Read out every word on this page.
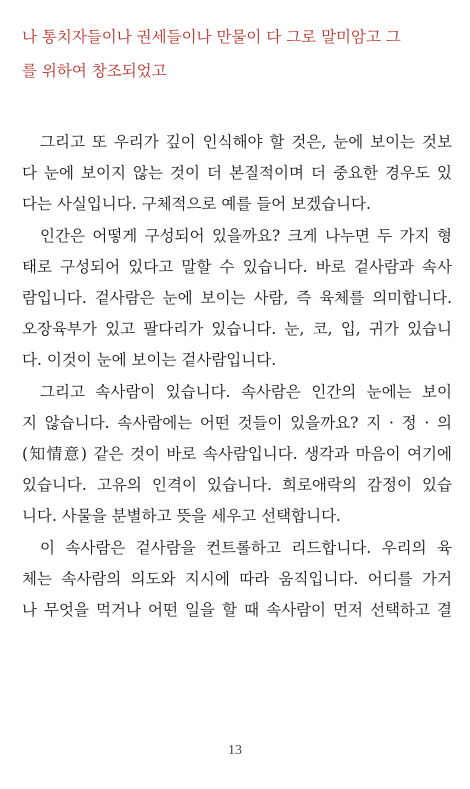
나 통치자들이나 권세들이나 만물이 다 그로 말미암고 그
를 위하여 창조되었고
그리고 또 우리가 깊이 인식해야 할 것은, 눈에 보이는 것보
다 눈에 보이지 않는 것이 더 본질적이며 더 중요한 경우도 있
다는 사실입니다. 구체적으로 예를 들어 보겠습니다.
인간은 어떻게 구성되어 있을까요? 크게 나누면 두 가지 형
태로 구성되어 있다고 말할 수 있습니다. 바로 겉사람과 속사
람입니다. 겉사람은 눈에 보이는 사람, 즉 육체를 의미합니다.
오장육부가 있고 팔다리가 있습니다. 눈, 코, 입, 귀가 있습니
다. 이것이 눈에 보이는 겉사람입니다.
그리고 속사람이 있습니다. 속사람은 인간의 눈에는 보이
지 않습니다. 속사람에는 어떤 것들이 있을까요? 지 · 정 · 의
(知情意) 같은 것이 바로 속사람입니다. 생각과 마음이 여기에
있습니다. 고유의 인격이 있습니다. 희로애락의 감정이 있습
니다. 사물을 분별하고 뜻을 세우고 선택합니다.
이 속사람은 겉사람을 컨트롤하고 리드합니다. 우리의 육
체는 속사람의 의도와 지시에 따라 움직입니다. 어디를 가거
나 무엇을 먹거나 어떤 일을 할 때 속사람이 먼저 선택하고 결
13
